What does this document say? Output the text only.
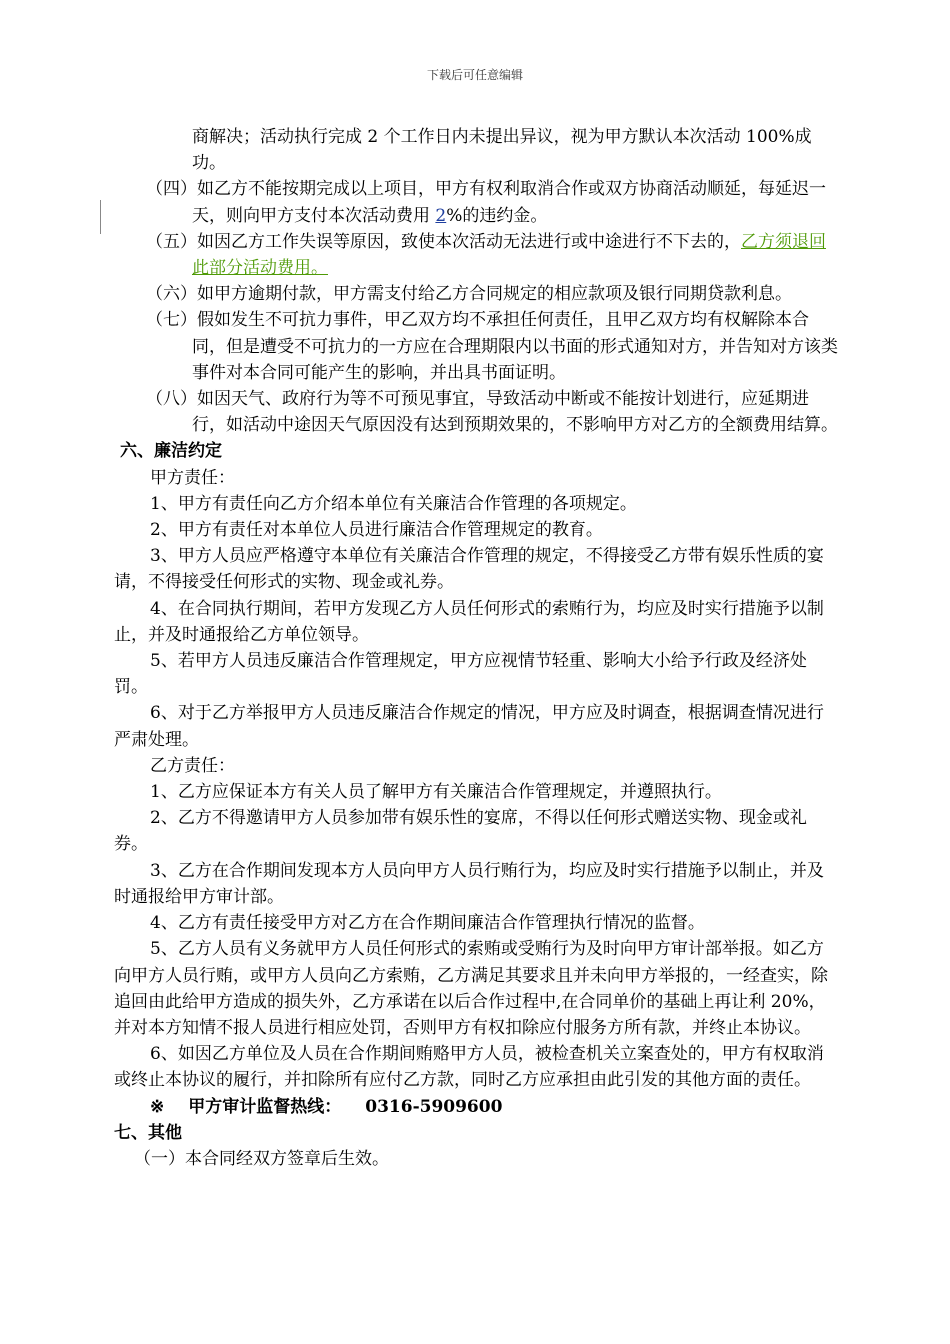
下载后可任意编辑

商解决；活动执行完成 2 个工作日内未提出异议，视为甲方默认本次活动 100%成功。

（四）如乙方不能按期完成以上项目，甲方有权利取消合作或双方协商活动顺延，每延迟一天，则向甲方支付本次活动费用 2%的违约金。

（五）如因乙方工作失误等原因，致使本次活动无法进行或中途进行不下去的，乙方须退回此部分活动费用。

（六）如甲方逾期付款，甲方需支付给乙方合同规定的相应款项及银行同期贷款利息。

（七）假如发生不可抗力事件，甲乙双方均不承担任何责任，且甲乙双方均有权解除本合同，但是遭受不可抗力的一方应在合理期限内以书面的形式通知对方，并告知对方该类事件对本合同可能产生的影响，并出具书面证明。

（八）如因天气、政府行为等不可预见事宜，导致活动中断或不能按计划进行，应延期进行，如活动中途因天气原因没有达到预期效果的，不影响甲方对乙方的全额费用结算。

六、廉洁约定

甲方责任：

1、甲方有责任向乙方介绍本单位有关廉洁合作管理的各项规定。

2、甲方有责任对本单位人员进行廉洁合作管理规定的教育。

3、甲方人员应严格遵守本单位有关廉洁合作管理的规定，不得接受乙方带有娱乐性质的宴请，不得接受任何形式的实物、现金或礼券。

4、在合同执行期间，若甲方发现乙方人员任何形式的索贿行为，均应及时实行措施予以制止，并及时通报给乙方单位领导。

5、若甲方人员违反廉洁合作管理规定，甲方应视情节轻重、影响大小给予行政及经济处罚。

6、对于乙方举报甲方人员违反廉洁合作规定的情况，甲方应及时调查，根据调查情况进行严肃处理。

乙方责任：

1、乙方应保证本方有关人员了解甲方有关廉洁合作管理规定，并遵照执行。

2、乙方不得邀请甲方人员参加带有娱乐性的宴席，不得以任何形式赠送实物、现金或礼券。

3、乙方在合作期间发现本方人员向甲方人员行贿行为，均应及时实行措施予以制止，并及时通报给甲方审计部。

4、乙方有责任接受甲方对乙方在合作期间廉洁合作管理执行情况的监督。

5、乙方人员有义务就甲方人员任何形式的索贿或受贿行为及时向甲方审计部举报。如乙方向甲方人员行贿，或甲方人员向乙方索贿，乙方满足其要求且并未向甲方举报的，一经查实，除追回由此给甲方造成的损失外，乙方承诺在以后合作过程中,在合同单价的基础上再让利 20%，并对本方知情不报人员进行相应处罚，否则甲方有权扣除应付服务方所有款，并终止本协议。

6、如因乙方单位及人员在合作期间贿赂甲方人员，被检查机关立案查处的，甲方有权取消或终止本协议的履行，并扣除所有应付乙方款，同时乙方应承担由此引发的其他方面的责任。

※ 甲方审计监督热线： 0316-5909600

七、其他

（一）本合同经双方签章后生效。
